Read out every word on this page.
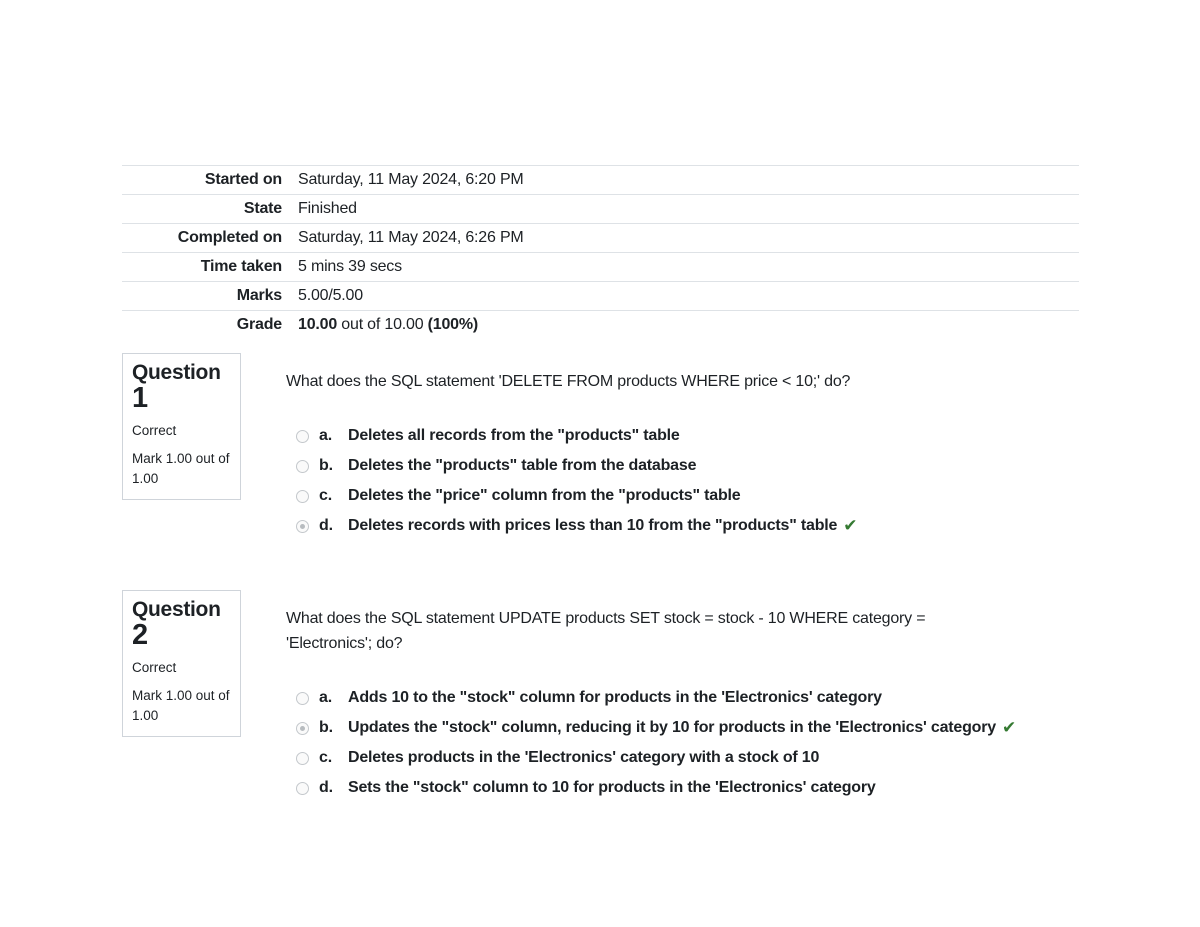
Started on	Saturday, 11 May 2024, 6:20 PM
State	Finished
Completed on	Saturday, 11 May 2024, 6:26 PM
Time taken	5 mins 39 secs
Marks	5.00/5.00
Grade	10.00 out of 10.00 (100%)
Question
1
Correct
Mark 1.00 out of 1.00
What does the SQL statement 'DELETE FROM products WHERE price < 10;' do?
a.	Deletes all records from the "products" table
b. Deletes the "products" table from the database
c.	Deletes the "price" column from the "products" table
d. Deletes records with prices less than 10 from the "products" table ✔
Question
2
Correct
Mark 1.00 out of 1.00
What does the SQL statement UPDATE products SET stock = stock - 10 WHERE category = 'Electronics'; do?
a.	Adds 10 to the "stock" column for products in the 'Electronics' category
b. Updates the "stock" column, reducing it by 10 for products in the 'Electronics' category ✔
c.	Deletes products in the 'Electronics' category with a stock of 10
d. Sets the "stock" column to 10 for products in the 'Electronics' category
